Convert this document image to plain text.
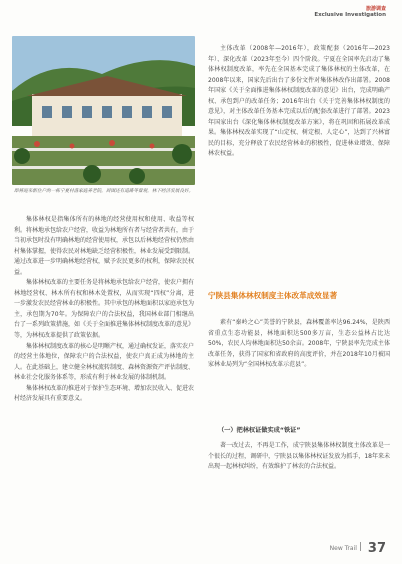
旅游调查
Exclusive Investigation
即将迎来新住户的一栋宁夏村落家庭养老院，周围还有道路等景观，林下经济发展良好。

集体林权是指集体所有的林地的经营使用权和使用、收益等权利。将林地承包给农户经营，收益为林地所有者与经营者共有，由于当初承包时没有明确林地的经营使用权，承包以后林地经营权仍然由村集体掌握，使得农民对林地缺乏经营积极性，林业发展受到限制。通过改革进一步明确林地经营权，赋予农民更多的权利，保障农民权益。

集体林权改革的主要任务是将林地承包给农户经营，使农户拥有林地经营权、林木所有权和林木处置权，从而实现“四权”分离，进一步激发农民经营林业的积极性。其中承包的林地面积以家庭承包为主，承包期为70年。为保障农户的合法权益，我国林业部门相继出台了一系列政策措施，如《关于全面推进集体林权制度改革的意见》等，为林权改革提供了政策依据。

集体林权制度改革的核心是明晰产权，通过确权发证，落实农户的经营主体地位，保障农户的合法权益，使农户真正成为林地的主人。在此基础上，建立健全林权流转制度、森林资源资产评估制度、林业社会化服务体系等，形成有利于林业发展的体制机制。

集体林权改革的推进对于保护生态环境、增加农民收入、促进农村经济发展具有重要意义。

主体改革（2008年—2016年），政策配套（2016年—2023年）、深化改革（2023年至今）四个阶段。宁夏在全国率先启动了集体林权制度改革，率先在全国基本完成了集体林权的主体改革，在2008年以来，国家先后出台了多份文件对集体林改作出部署。2008年国家《关于全面推进集体林权制度改革的意见》出台，完成明确产权、承包到户的改革任务；2016年出台《关于完善集体林权制度的意见》，对主体改革任务基本完成以后的配套改革进行了部署。2023年国家出台《深化集体林权制度改革方案》，将在巩固和拓展改革成果。集体林权改革实现了“山定权、树定根、人定心”，达到了兴林富民的目标，充分释放了农民经营林业的积极性，促进林业增效、保障林农权益。

宁陕县集体林权制度主体改革成效显著

素有“秦岭之心”美誉的宁陕县，森林覆盖率达96.24%，是陕西省重点生态功能县，林地面积达500多万亩，生态公益林占比达50%，农民人均林地面积达50余亩。2008年，宁陕县率先完成主体改革任务，获得了国家和省政府的高度评价，并在2018年10月被国家林业局列为“全国林权改革示范县”。

（一）把林权证做实成“铁证”

著一改过去，不再是工作，成宁陕县集体林权制度主体改革是一个很长的过程，调研中，宁陕县以集体林权证发放为抓手，18年来未出现一起林权纠纷，有效维护了林农的合法权益。

New Trail 37
